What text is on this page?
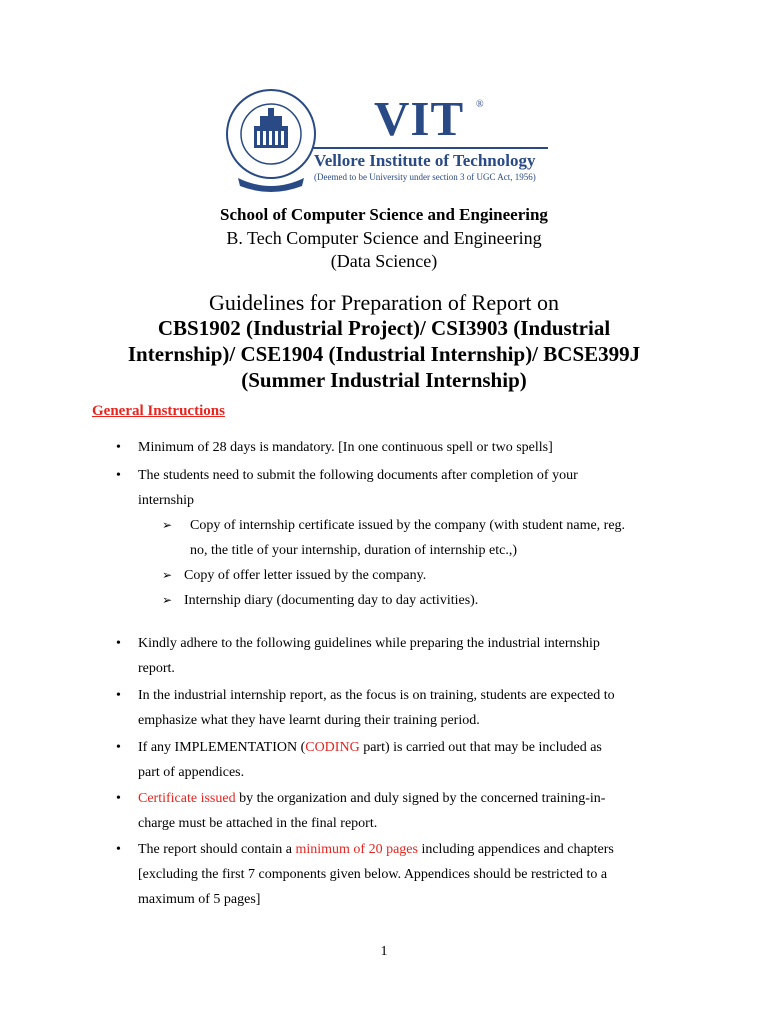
VIT ®
Vellore Institute of Technology
(Deemed to be University under section 3 of UGC Act, 1956)
School of Computer Science and Engineering
B. Tech Computer Science and Engineering
(Data Science)
Guidelines for Preparation of Report on
CBS1902 (Industrial Project)/ CSI3903 (Industrial
Internship)/ CSE1904 (Industrial Internship)/ BCSE399J
(Summer Industrial Internship)
General Instructions
• Minimum of 28 days is mandatory. [In one continuous spell or two spells]
• The students need to submit the following documents after completion of your
internship
➢ Copy of internship certificate issued by the company (with student name, reg.
no, the title of your internship, duration of internship etc.,)
➢ Copy of offer letter issued by the company.
➢ Internship diary (documenting day to day activities).
• Kindly adhere to the following guidelines while preparing the industrial internship
report.
• In the industrial internship report, as the focus is on training, students are expected to
emphasize what they have learnt during their training period.
• If any IMPLEMENTATION (CODING part) is carried out that may be included as
part of appendices.
• Certificate issued by the organization and duly signed by the concerned training-in-
charge must be attached in the final report.
• The report should contain a minimum of 20 pages including appendices and chapters
[excluding the first 7 components given below. Appendices should be restricted to a
maximum of 5 pages]
1
